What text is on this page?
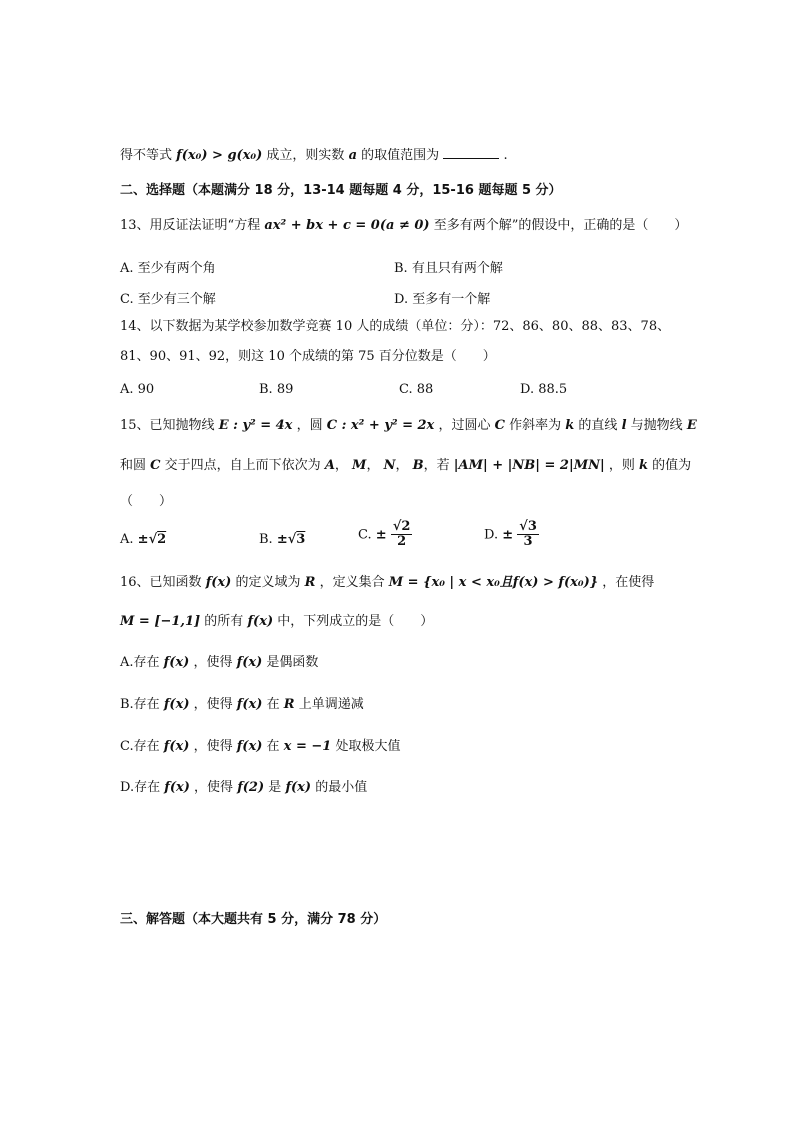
得不等式 f(x₀) > g(x₀) 成立，则实数 a 的取值范围为	.
二、选择题（本题满分 18 分，13-14 题每题 4 分，15-16 题每题 5 分）
13、用反证法证明“方程 ax² + bx + c = 0(a ≠ 0) 至多有两个解”的假设中，正确的是（　　）
A. 至少有两个角	B. 有且只有两个解
C. 至少有三个解	D. 至多有一个解
14、以下数据为某学校参加数学竞赛 10 人的成绩（单位：分）：72、86、80、88、83、78、
81、90、91、92，则这 10 个成绩的第 75 百分位数是（　　）
A. 90	B. 89	C. 88	D. 88.5
15、已知抛物线 E : y² = 4x ，圆 C : x² + y² = 2x ，过圆心 C 作斜率为 k 的直线 l 与抛物线 E
和圆 C 交于四点，自上而下依次为 A， M， N， B，若 |AM| + |NB| = 2|MN| ，则 k 的值为
（　　）
A. ±√2	B. ±√3	C. ± $\frac{√2}{2}$	D. ± $\frac{√3}{3}$
16、已知函数 f(x) 的定义域为 R ，定义集合 M = {x₀ | x < x₀且f(x) > f(x₀)} ，在使得
M = [−1,1] 的所有 f(x) 中，下列成立的是（　　）
A.存在 f(x) ，使得 f(x) 是偶函数
B.存在 f(x) ，使得 f(x) 在 R 上单调递减
C.存在 f(x) ，使得 f(x) 在 x = −1 处取极大值
D.存在 f(x) ，使得 f(2) 是 f(x) 的最小值
三、解答题（本大题共有 5 分，满分 78 分）
